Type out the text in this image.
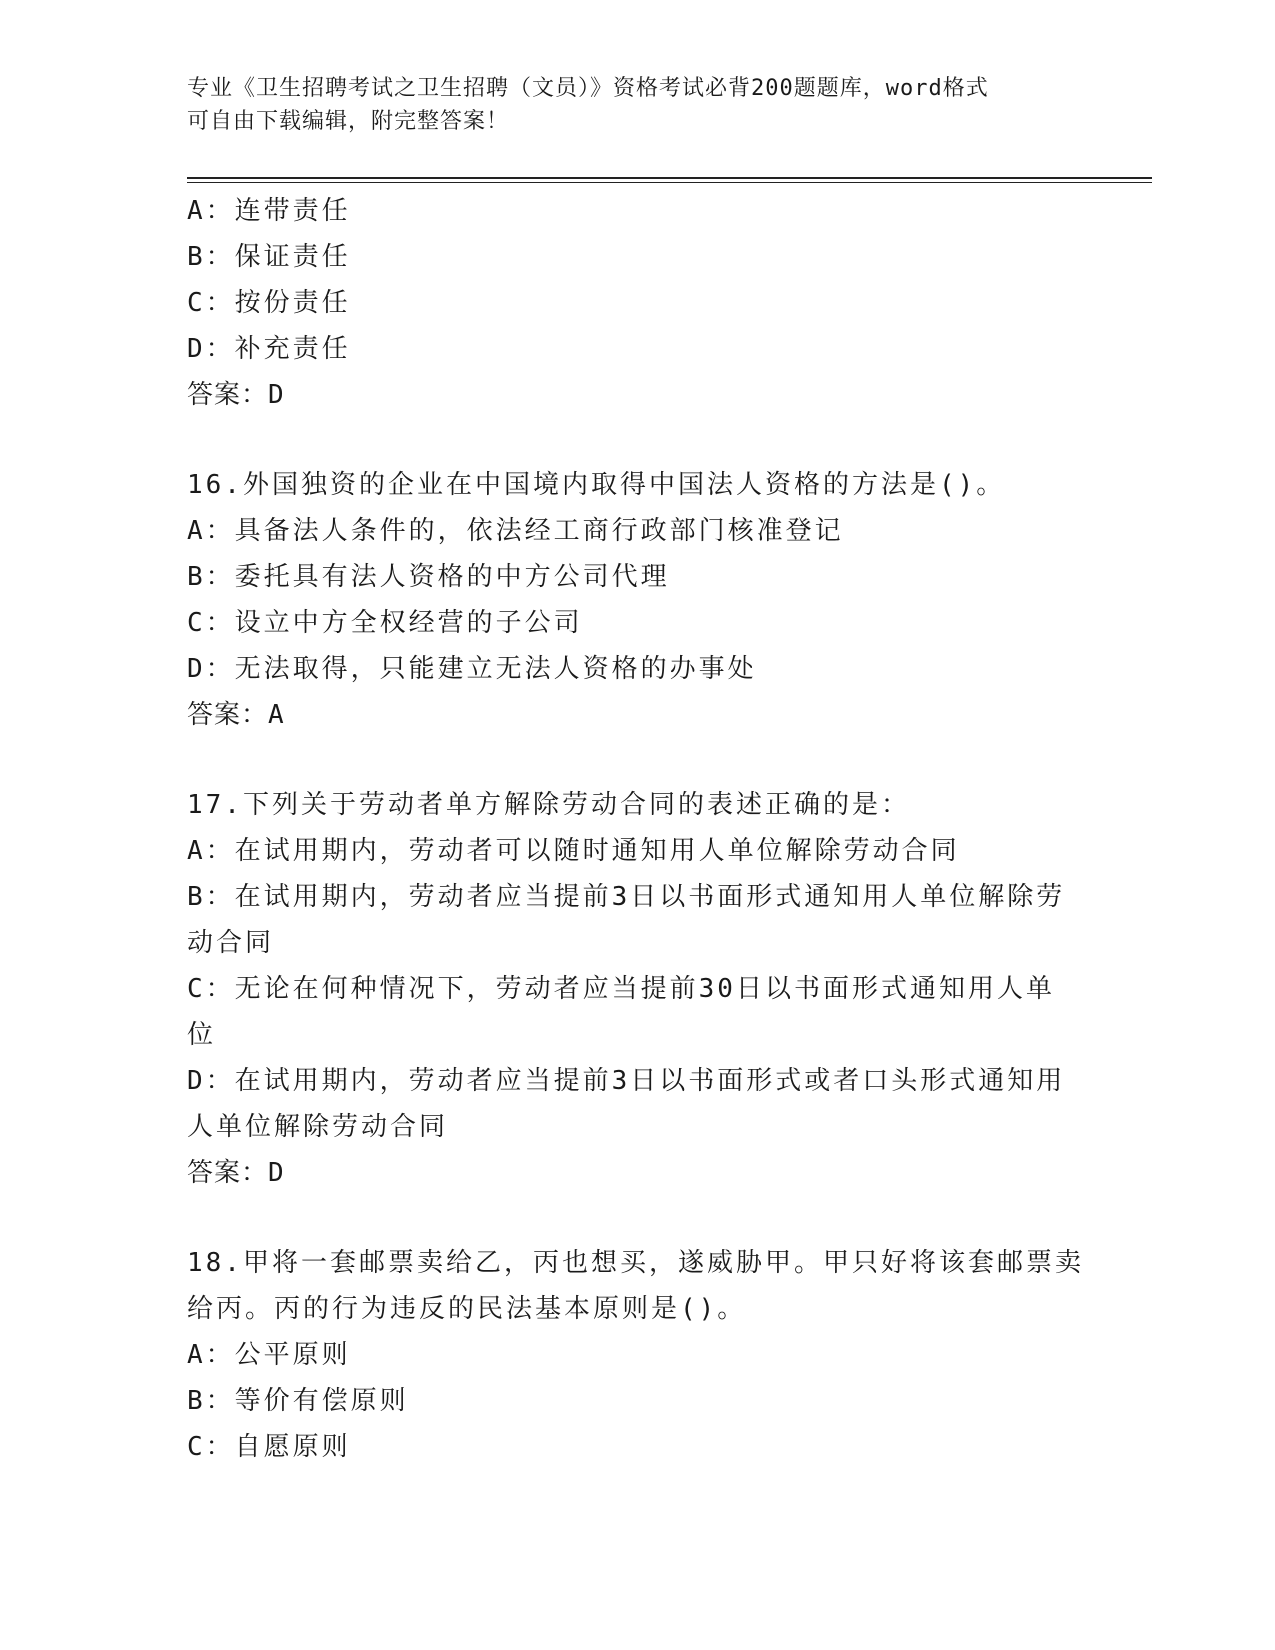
专业《卫生招聘考试之卫生招聘（文员）》资格考试必背200题题库，word格式
可自由下载编辑，附完整答案！

A：连带责任

B：保证责任

C：按份责任

D：补充责任

答案：D

16.外国独资的企业在中国境内取得中国法人资格的方法是()。

A：具备法人条件的，依法经工商行政部门核准登记

B：委托具有法人资格的中方公司代理

C：设立中方全权经营的子公司

D：无法取得，只能建立无法人资格的办事处

答案：A

17.下列关于劳动者单方解除劳动合同的表述正确的是：

A：在试用期内，劳动者可以随时通知用人单位解除劳动合同

B：在试用期内，劳动者应当提前3日以书面形式通知用人单位解除劳

动合同

C：无论在何种情况下，劳动者应当提前30日以书面形式通知用人单

位

D：在试用期内，劳动者应当提前3日以书面形式或者口头形式通知用

人单位解除劳动合同

答案：D

18.甲将一套邮票卖给乙，丙也想买，遂威胁甲。甲只好将该套邮票卖

给丙。丙的行为违反的民法基本原则是()。

A：公平原则

B：等价有偿原则

C：自愿原则
